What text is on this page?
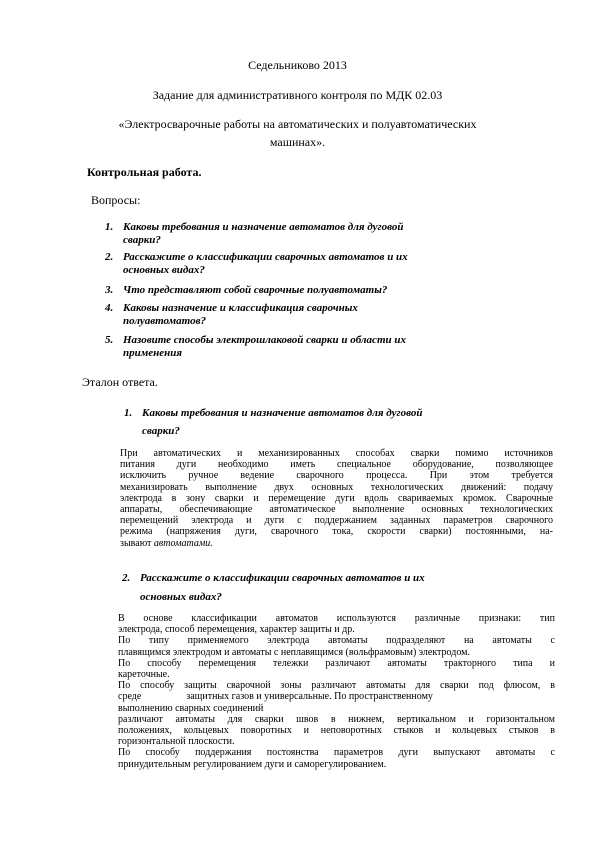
Седельниково 2013
Задание для административного контроля по МДК 02.03
«Электросварочные работы на автоматических и полуавтоматических
машинах».
Контрольная работа.
Вопросы:
1. Каковы требования и назначение автоматов для дуговой
сварки?
2. Расскажите о классификации сварочных автоматов и их
основных видах?
3. Что представляют собой сварочные полуавтоматы?
4. Каковы назначение и классификация сварочных
полуавтоматов?
5. Назовите способы электрошлаковой сварки и области их
применения
Эталон ответа.
1. Каковы требования и назначение автоматов для дуговой
сварки?
При автоматических и механизированных способах сварки помимо источников
питания дуги необходимо иметь специальное оборудование, позволяющее
исключить ручное ведение сварочного процесса. При этом требуется
механизировать выполнение двух основных технологических движений: подачу
электрода в зону сварки и перемещение дуги вдоль свариваемых кромок. Сварочные
аппараты, обеспечивающие автоматическое выполнение основных технологических
перемещений электрода и дуги с поддержанием заданных параметров сварочного
режима (напряжения дуги, сварочного тока, скорости сварки) постоянными, на-
зывают автоматами.
2. Расскажите о классификации сварочных автоматов и их
основных видах?
В основе классификации автоматов используются различные признаки: тип
электрода, способ перемещения, характер защиты и др.
По типу применяемого электрода автоматы подразделяют на автоматы с
плавящимся электродом и автоматы с неплавящимся (вольфрамовым) электродом.
По способу перемещения тележки различают автоматы тракторного типа и
кареточные.
По способу защиты сварочной зоны различают автоматы для сварки под флюсом, в
среде                  защитных газов и универсальные. По пространственному
выполнению сварных соединений
различают автоматы для сварки швов в нижнем, вертикальном и горизонтальном
положениях, кольцевых поворотных и неповоротных стыков и кольцевых стыков в
горизонтальной плоскости.
По способу поддержания постоянства параметров дуги выпускают автоматы с
принудительным регулированием дуги и саморегулированием.
